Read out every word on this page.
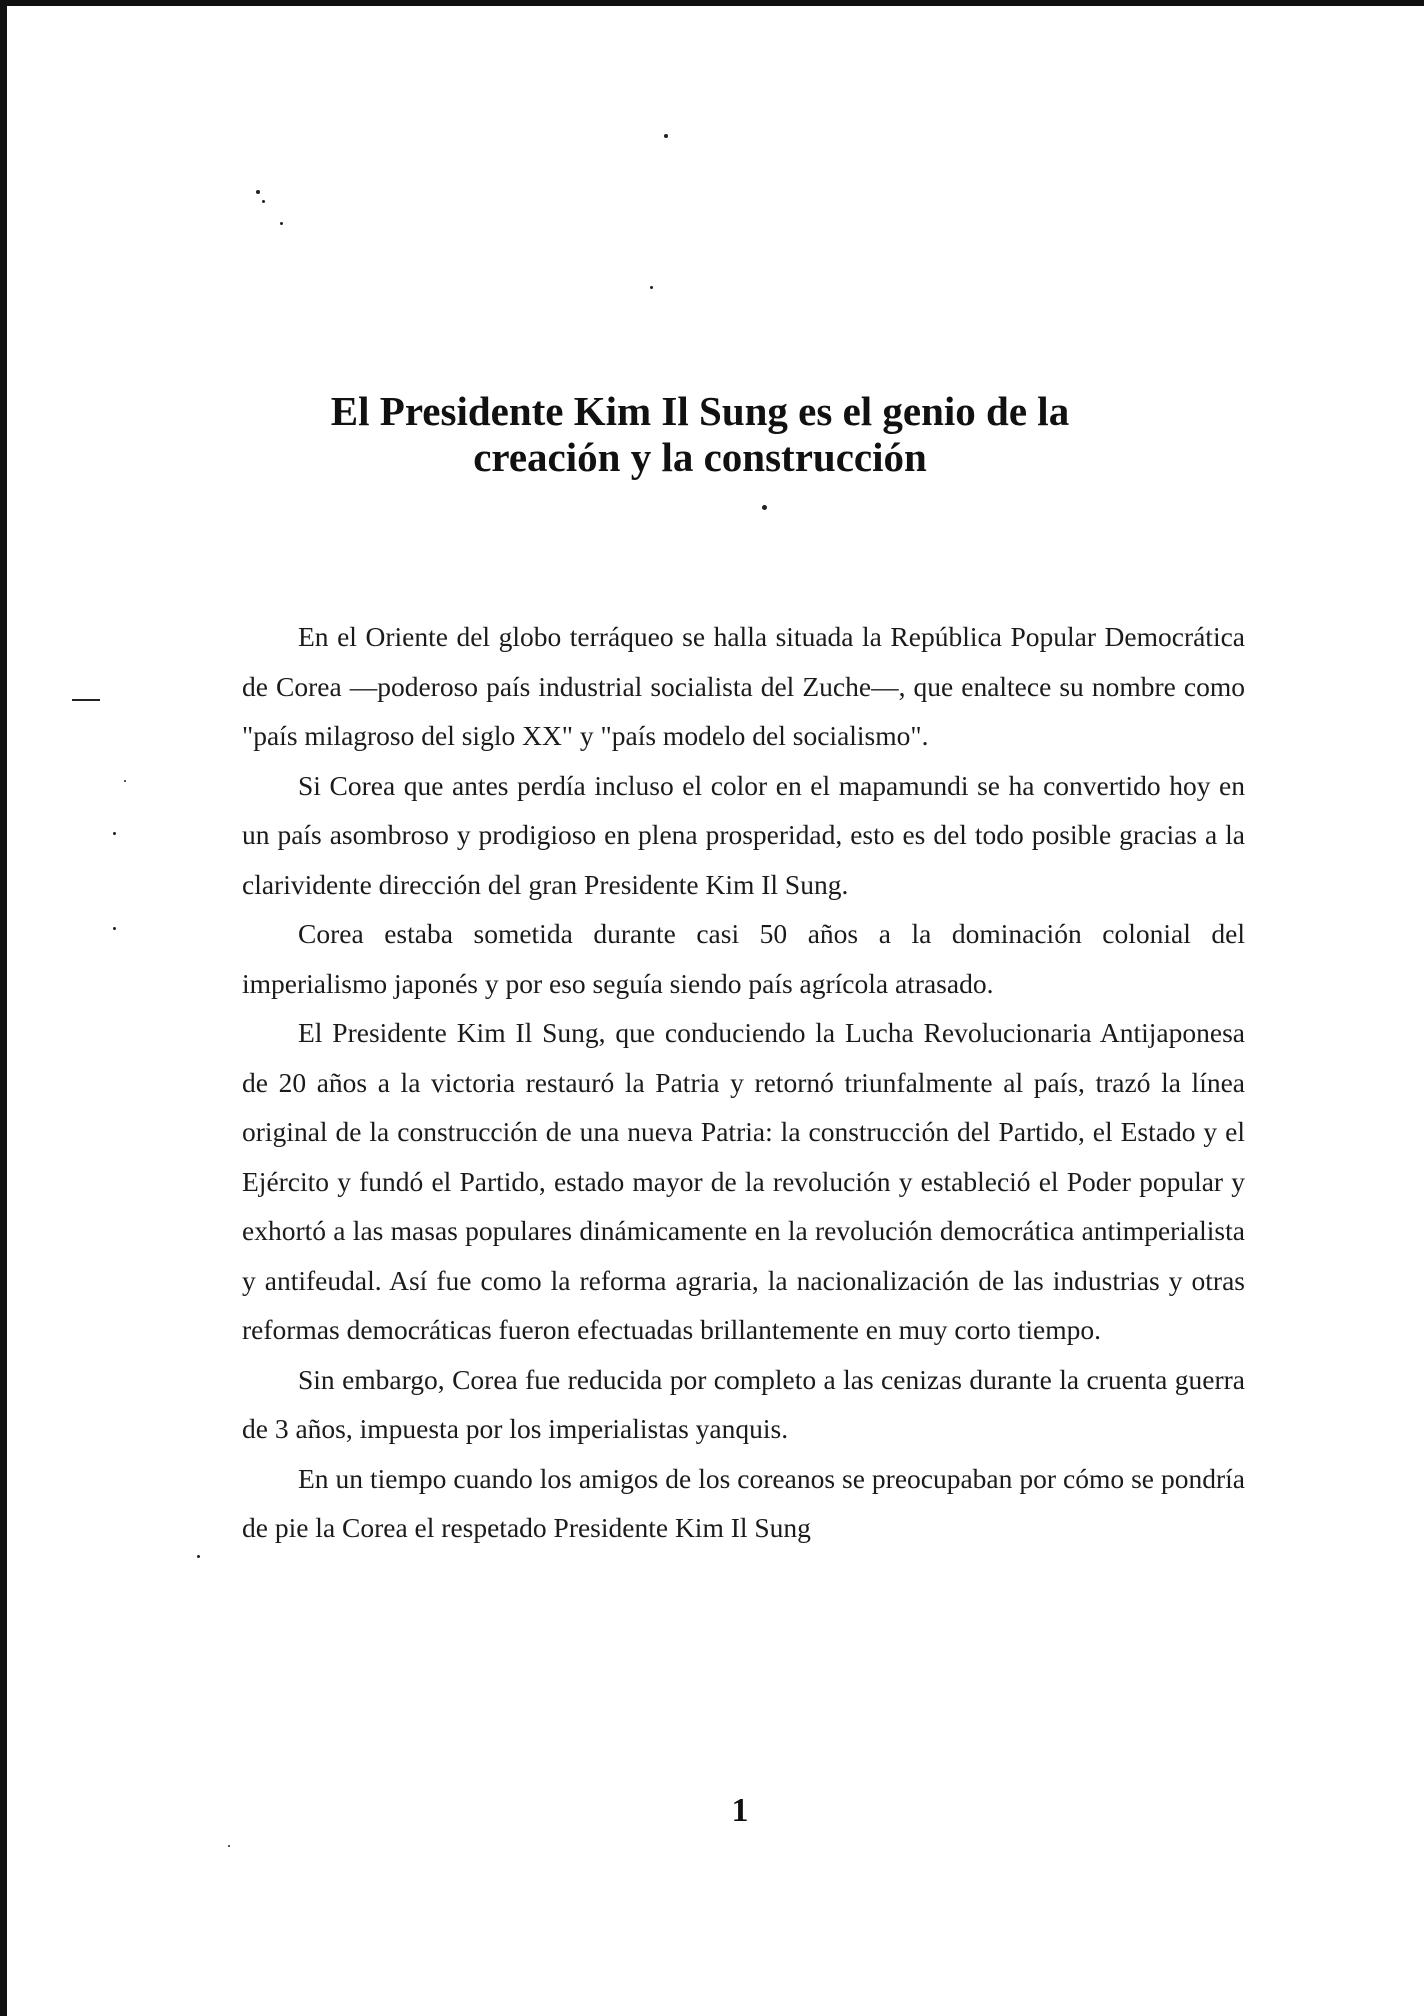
El Presidente Kim Il Sung es el genio de la
creación y la construcción

En el Oriente del globo terráqueo se halla situada la República Popular Democrática de Corea —poderoso país industrial socialista del Zuche—, que enaltece su nombre como "país milagroso del siglo XX" y "país modelo del socialismo".

Si Corea que antes perdía incluso el color en el mapamundi se ha convertido hoy en un país asombroso y prodigioso en plena prosperidad, esto es del todo posible gracias a la clarividente dirección del gran Presidente Kim Il Sung.

Corea estaba sometida durante casi 50 años a la dominación colonial del imperialismo japonés y por eso seguía siendo país agrícola atrasado.

El Presidente Kim Il Sung, que conduciendo la Lucha Revolucionaria Antijaponesa de 20 años a la victoria restauró la Patria y retornó triunfalmente al país, trazó la línea original de la construcción de una nueva Patria: la construcción del Partido, el Estado y el Ejército y fundó el Partido, estado mayor de la revolución y estableció el Poder popular y exhortó a las masas populares dinámicamente en la revolución democrática antimperialista y antifeudal. Así fue como la reforma agraria, la nacionalización de las industrias y otras reformas democráticas fueron efectuadas brillantemente en muy corto tiempo.

Sin embargo, Corea fue reducida por completo a las cenizas durante la cruenta guerra de 3 años, impuesta por los imperialistas yanquis.

En un tiempo cuando los amigos de los coreanos se preocupaban por cómo se pondría de pie la Corea el respetado Presidente Kim Il Sung

1
